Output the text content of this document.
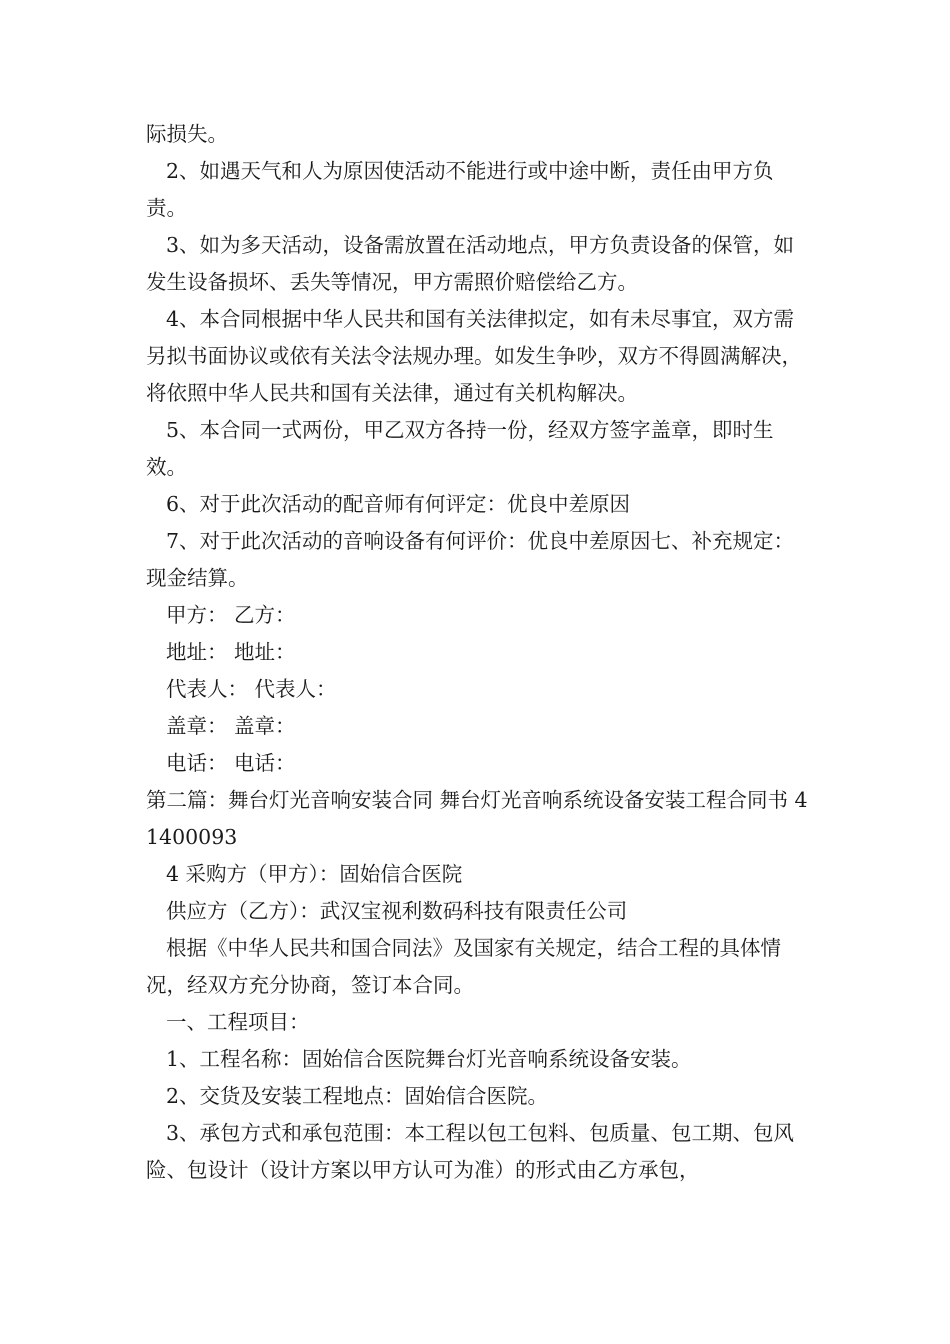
际损失。

2、如遇天气和人为原因使活动不能进行或中途中断，责任由甲方负责。

3、如为多天活动，设备需放置在活动地点，甲方负责设备的保管，如发生设备损坏、丢失等情况，甲方需照价赔偿给乙方。

4、本合同根据中华人民共和国有关法律拟定，如有未尽事宜，双方需另拟书面协议或依有关法令法规办理。如发生争吵，双方不得圆满解决，将依照中华人民共和国有关法律，通过有关机构解决。

5、本合同一式两份，甲乙双方各持一份，经双方签字盖章，即时生效。

6、对于此次活动的配音师有何评定：优良中差原因

7、对于此次活动的音响设备有何评价：优良中差原因七、补充规定：现金结算。

甲方： 乙方：

地址： 地址：

代表人： 代表人：

盖章： 盖章：

电话： 电话：

第二篇：舞台灯光音响安装合同 舞台灯光音响系统设备安装工程合同书 41400093

4 采购方（甲方）：固始信合医院

供应方（乙方）：武汉宝视利数码科技有限责任公司

根据《中华人民共和国合同法》及国家有关规定，结合工程的具体情况，经双方充分协商，签订本合同。

一、工程项目：

1、工程名称：固始信合医院舞台灯光音响系统设备安装。

2、交货及安装工程地点：固始信合医院。

3、承包方式和承包范围：本工程以包工包料、包质量、包工期、包风险、包设计（设计方案以甲方认可为准）的形式由乙方承包，
